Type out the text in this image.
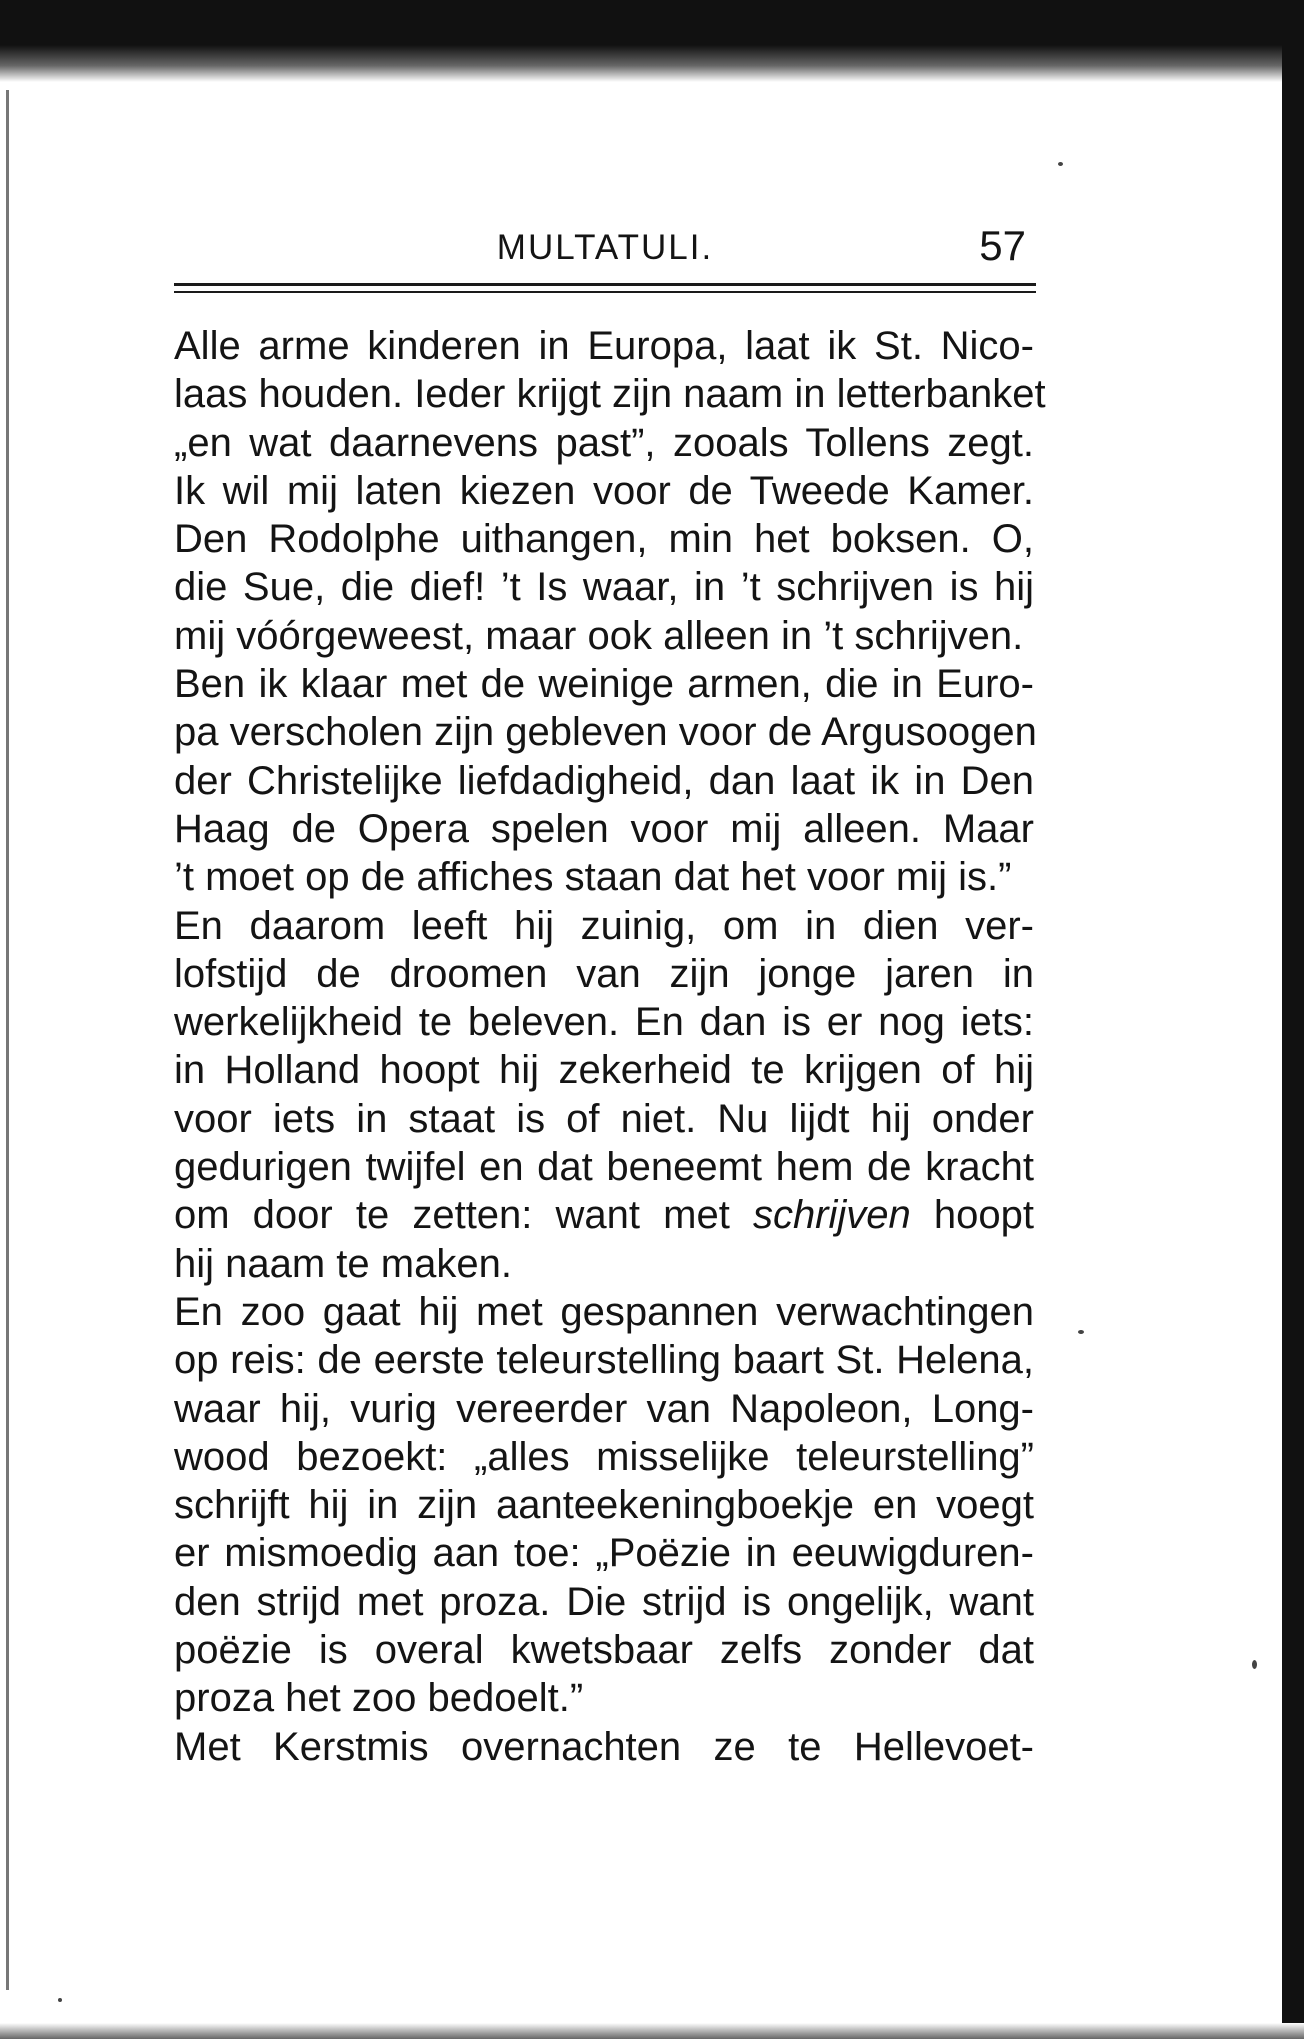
MULTATULI.	57
Alle arme kinderen in Europa, laat ik St. Nico-
laas houden. Ieder krijgt zijn naam in letterbanket
„en wat daarnevens past”, zooals Tollens zegt.
Ik wil mij laten kiezen voor de Tweede Kamer.
Den Rodolphe uithangen, min het boksen. O,
die Sue, die dief! ’t Is waar, in ’t schrijven is hij
mij vóórgeweest, maar ook alleen in ’t schrijven.
Ben ik klaar met de weinige armen, die in Euro-
pa verscholen zijn gebleven voor de Argusoogen
der Christelijke liefdadigheid, dan laat ik in Den
Haag de Opera spelen voor mij alleen. Maar
’t moet op de affiches staan dat het voor mij is.”
En daarom leeft hij zuinig, om in dien ver-
lofstijd de droomen van zijn jonge jaren in
werkelijkheid te beleven. En dan is er nog iets:
in Holland hoopt hij zekerheid te krijgen of hij
voor iets in staat is of niet. Nu lijdt hij onder
gedurigen twijfel en dat beneemt hem de kracht
om door te zetten: want met schrijven hoopt
hij naam te maken.
En zoo gaat hij met gespannen verwachtingen
op reis: de eerste teleurstelling baart St. Helena,
waar hij, vurig vereerder van Napoleon, Long-
wood bezoekt: „alles misselijke teleurstelling”
schrijft hij in zijn aanteekeningboekje en voegt
er mismoedig aan toe: „Poëzie in eeuwigduren-
den strijd met proza. Die strijd is ongelijk, want
poëzie is overal kwetsbaar zelfs zonder dat
proza het zoo bedoelt.”
Met Kerstmis overnachten ze te Hellevoet-
